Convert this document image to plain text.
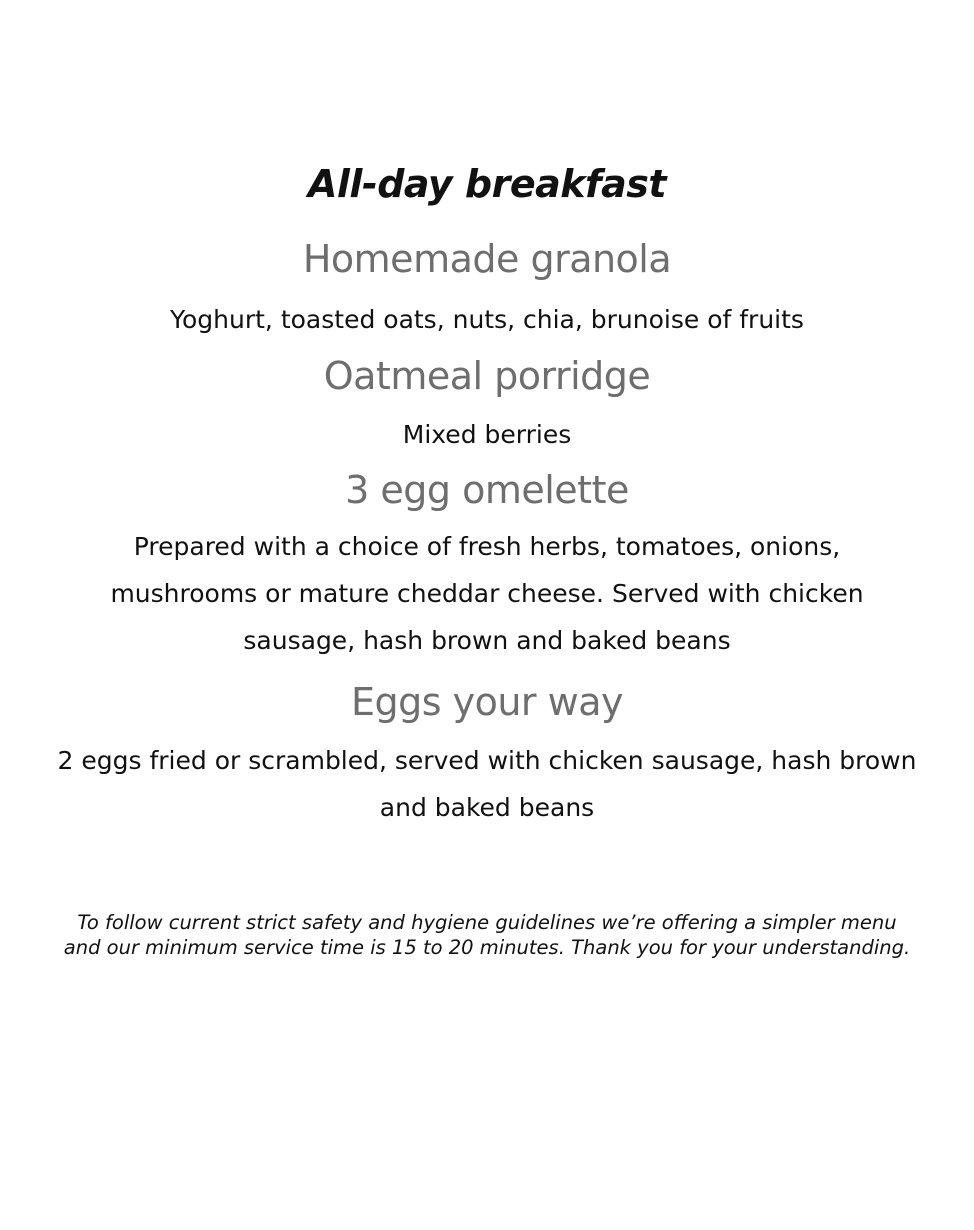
All-day breakfast
Homemade granola

Yoghurt, toasted oats, nuts, chia, brunoise of fruits

Oatmeal porridge

Mixed berries

3 egg omelette

Prepared with a choice of fresh herbs, tomatoes, onions, mushrooms or mature cheddar cheese. Served with chicken sausage, hash brown and baked beans

Eggs your way

2 eggs fried or scrambled, served with chicken sausage, hash brown and baked beans

To follow current strict safety and hygiene guidelines we’re offering a simpler menu and our minimum service time is 15 to 20 minutes. Thank you for your understanding.
